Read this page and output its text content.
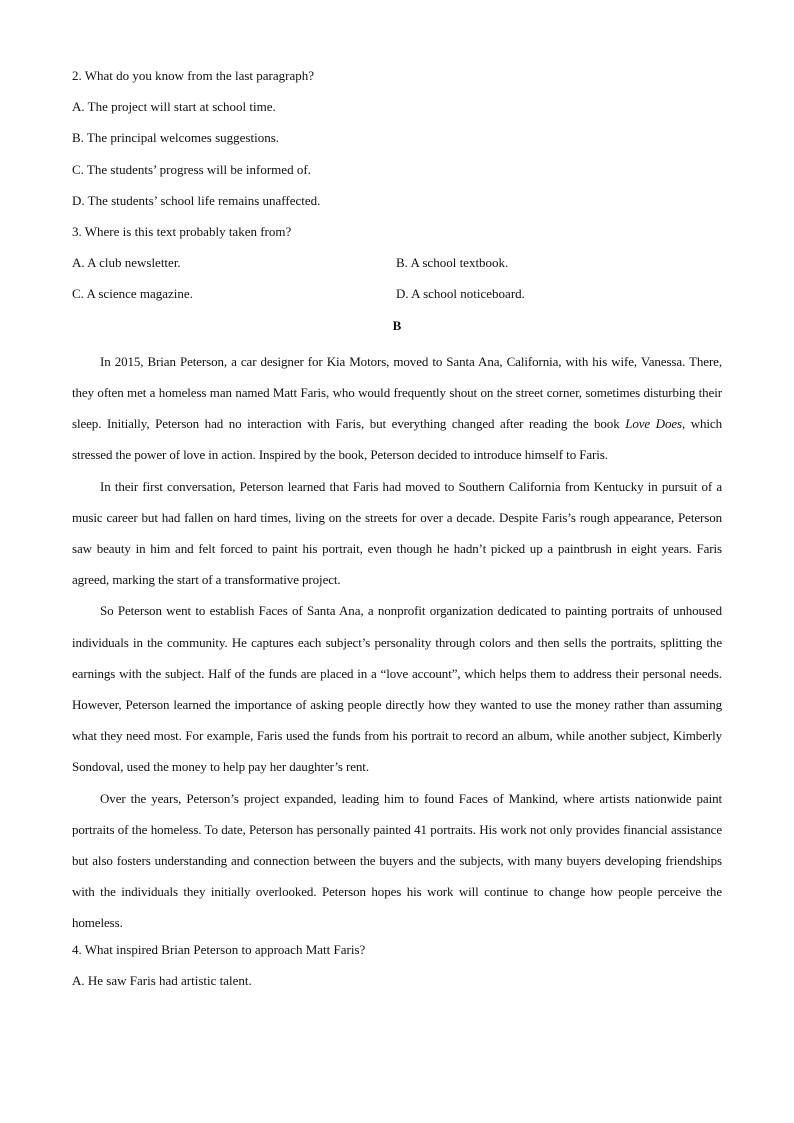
2. What do you know from the last paragraph?
A. The project will start at school time.
B. The principal welcomes suggestions.
C. The students’ progress will be informed of.
D. The students’ school life remains unaffected.
3. Where is this text probably taken from?
A. A club newsletter.	B. A school textbook.
C. A science magazine.	D. A school noticeboard.
B

In 2015, Brian Peterson, a car designer for Kia Motors, moved to Santa Ana, California, with his wife, Vanessa. There, they often met a homeless man named Matt Faris, who would frequently shout on the street corner, sometimes disturbing their sleep. Initially, Peterson had no interaction with Faris, but everything changed after reading the book Love Does, which stressed the power of love in action. Inspired by the book, Peterson decided to introduce himself to Faris.

In their first conversation, Peterson learned that Faris had moved to Southern California from Kentucky in pursuit of a music career but had fallen on hard times, living on the streets for over a decade. Despite Faris’s rough appearance, Peterson saw beauty in him and felt forced to paint his portrait, even though he hadn’t picked up a paintbrush in eight years. Faris agreed, marking the start of a transformative project.

So Peterson went to establish Faces of Santa Ana, a nonprofit organization dedicated to painting portraits of unhoused individuals in the community. He captures each subject’s personality through colors and then sells the portraits, splitting the earnings with the subject. Half of the funds are placed in a “love account”, which helps them to address their personal needs. However, Peterson learned the importance of asking people directly how they wanted to use the money rather than assuming what they need most. For example, Faris used the funds from his portrait to record an album, while another subject, Kimberly Sondoval, used the money to help pay her daughter’s rent.

Over the years, Peterson’s project expanded, leading him to found Faces of Mankind, where artists nationwide paint portraits of the homeless. To date, Peterson has personally painted 41 portraits. His work not only provides financial assistance but also fosters understanding and connection between the buyers and the subjects, with many buyers developing friendships with the individuals they initially overlooked. Peterson hopes his work will continue to change how people perceive the homeless.

4. What inspired Brian Peterson to approach Matt Faris?
A. He saw Faris had artistic talent.
